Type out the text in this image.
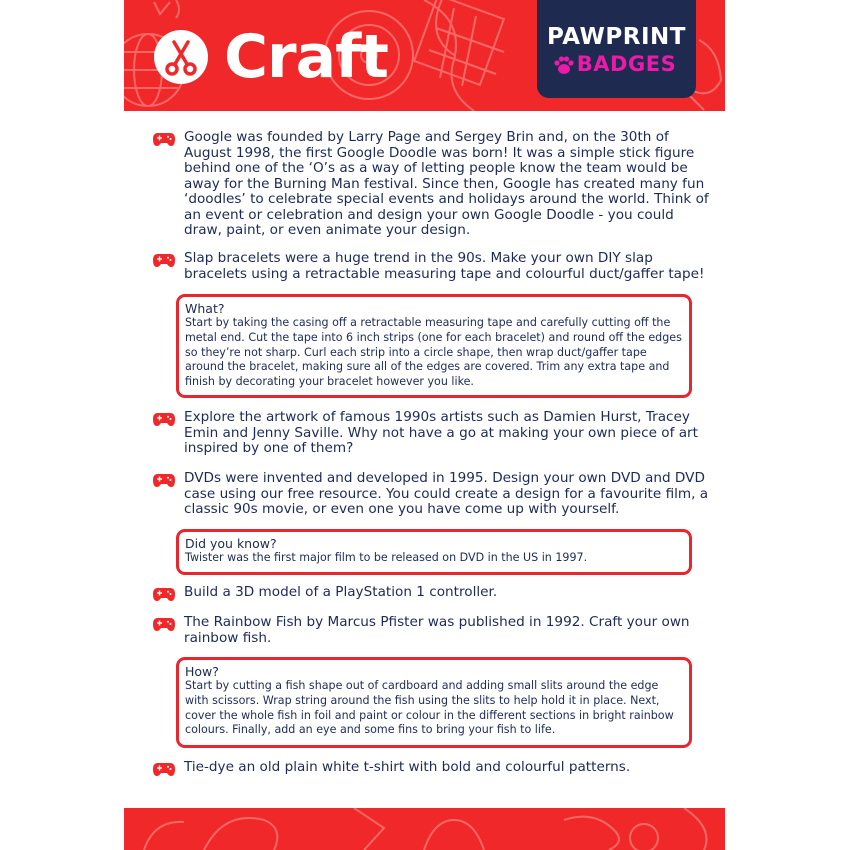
Craft	PAWPRINT
BADGES
Google was founded by Larry Page and Sergey Brin and, on the 30th of August 1998, the first Google Doodle was born! It was a simple stick figure behind one of the ‘O’s as a way of letting people know the team would be away for the Burning Man festival. Since then, Google has created many fun ‘doodles’ to celebrate special events and holidays around the world. Think of an event or celebration and design your own Google Doodle - you could draw, paint, or even animate your design.
Slap bracelets were a huge trend in the 90s. Make your own DIY slap bracelets using a retractable measuring tape and colourful duct/gaffer tape!
What?
Start by taking the casing off a retractable measuring tape and carefully cutting off the metal end. Cut the tape into 6 inch strips (one for each bracelet) and round off the edges so they’re not sharp. Curl each strip into a circle shape, then wrap duct/gaffer tape around the bracelet, making sure all of the edges are covered. Trim any extra tape and finish by decorating your bracelet however you like.
Explore the artwork of famous 1990s artists such as Damien Hurst, Tracey Emin and Jenny Saville. Why not have a go at making your own piece of art inspired by one of them?
DVDs were invented and developed in 1995. Design your own DVD and DVD case using our free resource. You could create a design for a favourite film, a classic 90s movie, or even one you have come up with yourself.
Did you know?
Twister was the first major film to be released on DVD in the US in 1997.
Build a 3D model of a PlayStation 1 controller.
The Rainbow Fish by Marcus Pfister was published in 1992. Craft your own rainbow fish.
How?
Start by cutting a fish shape out of cardboard and adding small slits around the edge with scissors. Wrap string around the fish using the slits to help hold it in place. Next, cover the whole fish in foil and paint or colour in the different sections in bright rainbow colours. Finally, add an eye and some fins to bring your fish to life.
Tie-dye an old plain white t-shirt with bold and colourful patterns.
